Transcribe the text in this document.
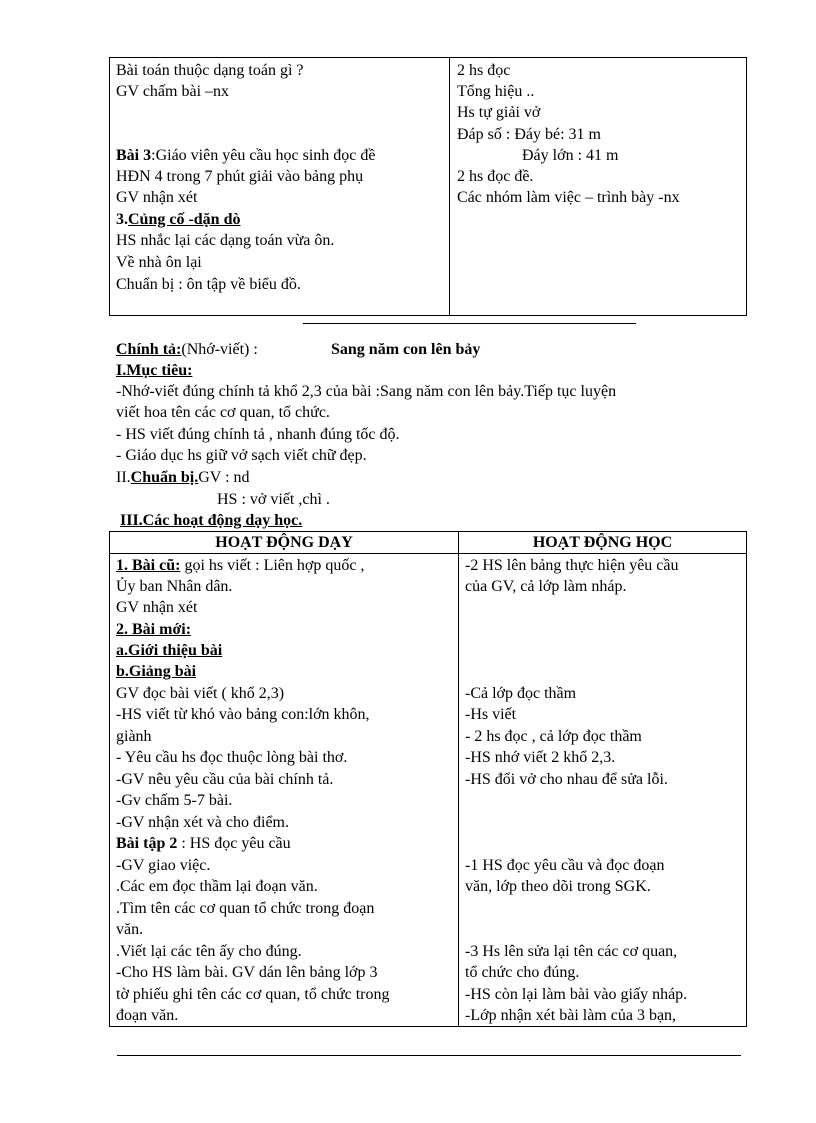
Bài toán thuộc dạng toán gì ?
GV chấm bài –nx
Bài 3:Giáo viên yêu cầu học sinh đọc đề
HĐN 4 trong 7 phút giải vào bảng phụ
GV nhận xét
3.Củng cố -dặn dò
HS nhắc lại các dạng toán vừa ôn.
Về nhà ôn lại
Chuẩn bị : ôn tập về biểu đồ.
2 hs đọc
Tổng hiệu ..
Hs tự giải vở
Đáp số : Đáy bé: 31 m
Đáy lớn : 41 m
2 hs đọc đề.
Các nhóm làm việc – trình bày -nx
Chính tả:(Nhớ-viết) :	Sang năm con lên bảy
I.Mục tiêu:
-Nhớ-viết đúng chính tả khổ 2,3 của bài :Sang năm con lên bảy.Tiếp tục luyện
viết hoa tên các cơ quan, tổ chức.
- HS viết đúng chính tả , nhanh đúng tốc độ.
- Giáo dục hs giữ vở sạch viết chữ đẹp.
II.Chuẩn bị.GV : nd
HS : vở viết ,chì .
III.Các hoạt động dạy học.
HOẠT ĐỘNG DẠY	HOẠT ĐỘNG HỌC
1. Bài cũ: gọi hs viết : Liên hợp quốc ,
Ủy ban Nhân dân.
GV nhận xét
2. Bài mới:
a.Giới thiệu bài
b.Giảng bài
GV đọc bài viết ( khổ 2,3)
-HS viết từ khó vào bảng con:lớn khôn,
giành
- Yêu cầu hs đọc thuộc lòng bài thơ.
-GV nêu yêu cầu của bài chính tả.
-Gv chấm 5-7 bài.
-GV nhận xét và cho điểm.
Bài tập 2 : HS đọc yêu cầu
-GV giao việc.
.Các em đọc thầm lại đoạn văn.
.Tìm tên các cơ quan tổ chức trong đoạn
văn.
.Viết lại các tên ấy cho đúng.
-Cho HS làm bài. GV dán lên bảng lớp 3
tờ phiếu ghi tên các cơ quan, tổ chức trong
đoạn văn.
-2 HS lên bảng thực hiện yêu cầu
của GV, cả lớp làm nháp.
-Cả lớp đọc thầm
-Hs viết
- 2 hs đọc , cả lớp đọc thầm
-HS nhớ viết 2 khổ 2,3.
-HS đổi vở cho nhau để sửa lỗi.
-1 HS đọc yêu cầu và đọc đoạn
văn, lớp theo dõi trong SGK.
-3 Hs lên sửa lại tên các cơ quan,
tổ chức cho đúng.
-HS còn lại làm bài vào giấy nháp.
-Lớp nhận xét bài làm của 3 bạn,
